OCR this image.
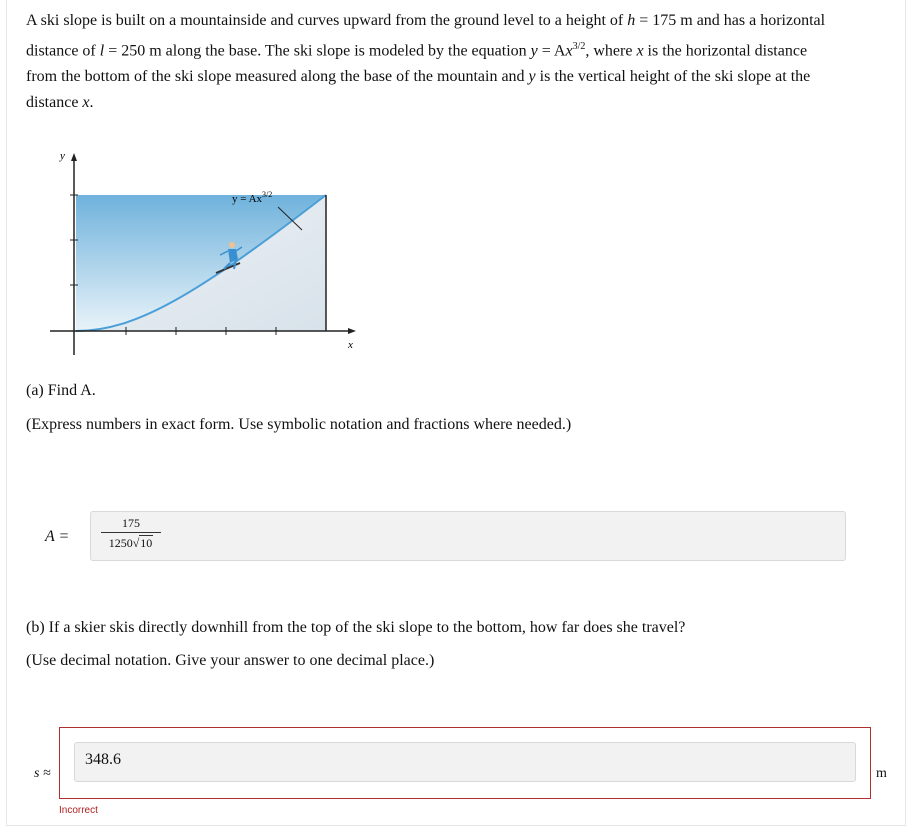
A ski slope is built on a mountainside and curves upward from the ground level to a height of h = 175 m and has a horizontal
distance of l = 250 m along the base. The ski slope is modeled by the equation $y = Ax^{3/2}$, where x is the horizontal distance
from the bottom of the ski slope measured along the base of the mountain and y is the vertical height of the ski slope at the
distance x.
y
x
$y = Ax^{3/2}$
(a) Find A.
(Express numbers in exact form. Use symbolic notation and fractions where needed.)
A =	$\frac{175}{1250√10}$
(b) If a skier skis directly downhill from the top of the ski slope to the bottom, how far does she travel?
(Use decimal notation. Give your answer to one decimal place.)
s ≈
348.6
m
Incorrect
